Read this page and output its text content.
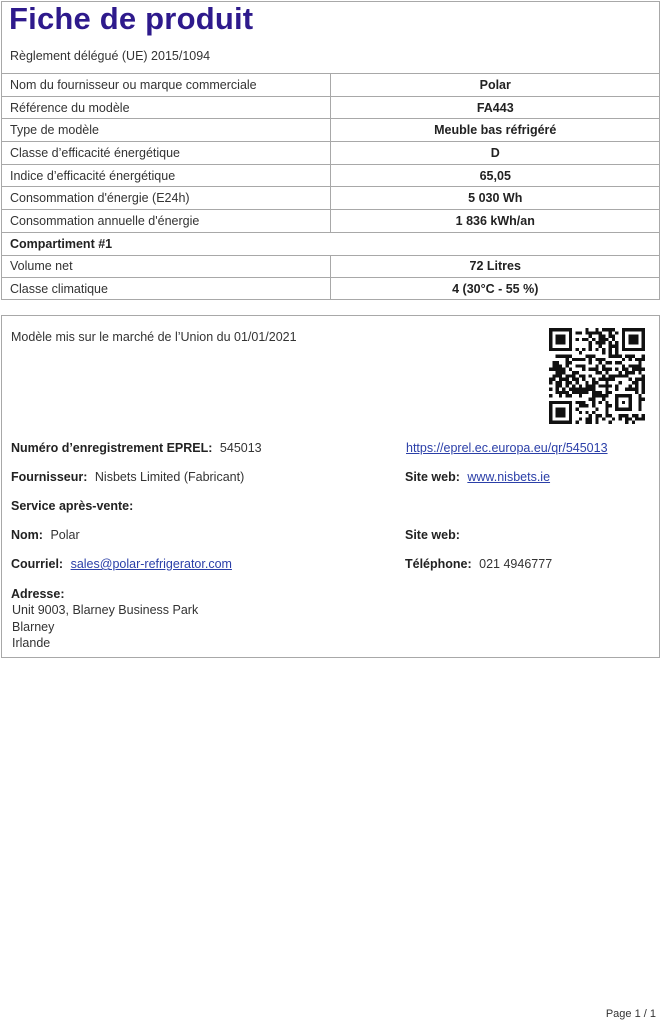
Fiche de produit
Règlement délégué (UE) 2015/1094
Nom du fournisseur ou marque commerciale	Polar
Référence du modèle	FA443
Type de modèle	Meuble bas réfrigéré
Classe d’efficacité énergétique	D
Indice d’efficacité énergétique	65,05
Consommation d'énergie (E24h)	5 030 Wh
Consommation annuelle d'énergie	1 836 kWh/an
Compartiment #1	
Volume net	72 Litres
Classe climatique	4 (30°C - 55 %)
Modèle mis sur le marché de l’Union du 01/01/2021
Numéro d’enregistrement EPREL: 545013	https://eprel.ec.europa.eu/qr/545013
Fournisseur: Nisbets Limited (Fabricant)	Site web: www.nisbets.ie
Service après-vente:
Nom: Polar	Site web:
Courriel: sales@polar-refrigerator.com	Téléphone: 021 4946777
Adresse:
Unit 9003, Blarney Business Park
Blarney
Irlande
Page 1 / 1
